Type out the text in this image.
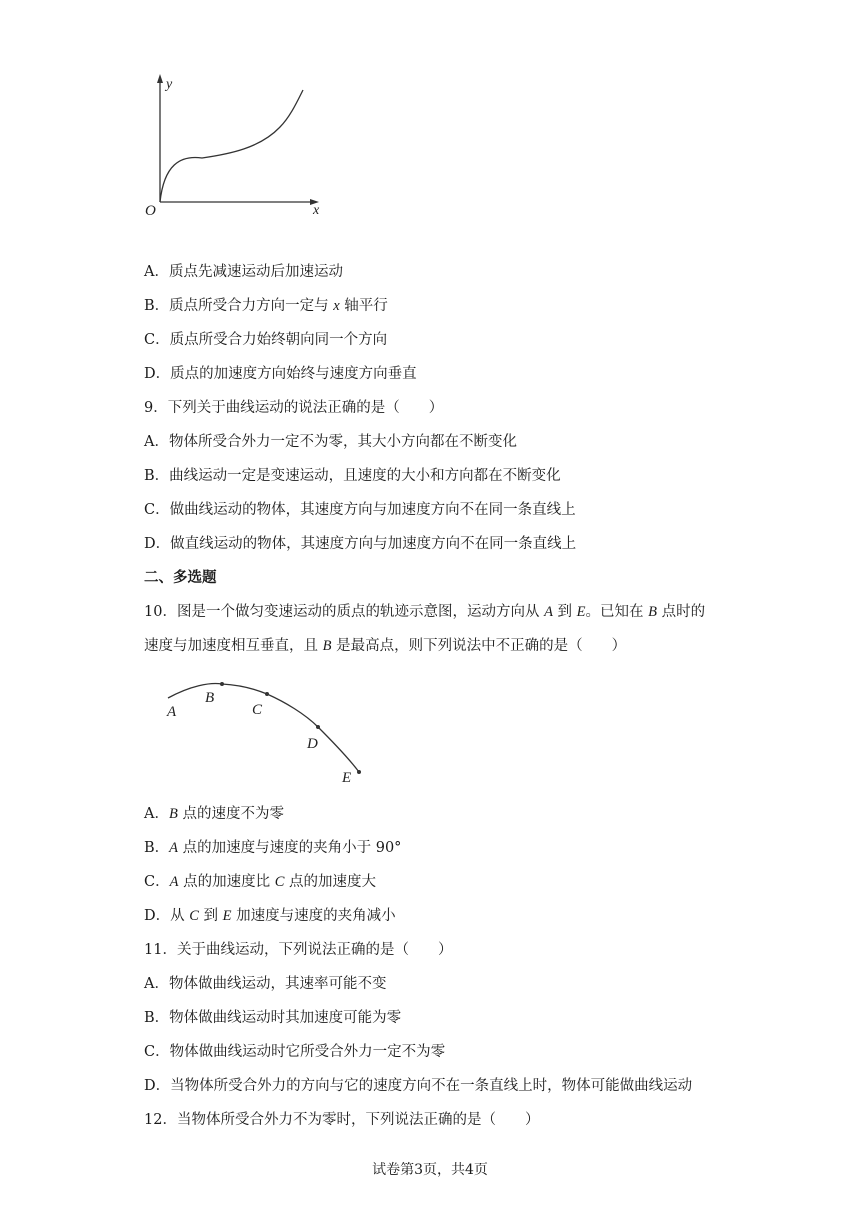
y
x
O
A．质点先减速运动后加速运动
B．质点所受合力方向一定与 x 轴平行
C．质点所受合力始终朝向同一个方向
D．质点的加速度方向始终与速度方向垂直
9．下列关于曲线运动的说法正确的是（　　）
A．物体所受合外力一定不为零，其大小方向都在不断变化
B．曲线运动一定是变速运动，且速度的大小和方向都在不断变化
C．做曲线运动的物体，其速度方向与加速度方向不在同一条直线上
D．做直线运动的物体，其速度方向与加速度方向不在同一条直线上
二、多选题
10．图是一个做匀变速运动的质点的轨迹示意图，运动方向从 A 到 E。已知在 B 点时的
速度与加速度相互垂直，且 B 是最高点，则下列说法中不正确的是（　　）
A
B
C
D
E
A．B 点的速度不为零
B．A 点的加速度与速度的夹角小于 90°
C．A 点的加速度比 C 点的加速度大
D．从 C 到 E 加速度与速度的夹角减小
11．关于曲线运动，下列说法正确的是（　　）
A．物体做曲线运动，其速率可能不变
B．物体做曲线运动时其加速度可能为零
C．物体做曲线运动时它所受合外力一定不为零
D．当物体所受合外力的方向与它的速度方向不在一条直线上时，物体可能做曲线运动
12．当物体所受合外力不为零时，下列说法正确的是（　　）
试卷第3页，共4页
